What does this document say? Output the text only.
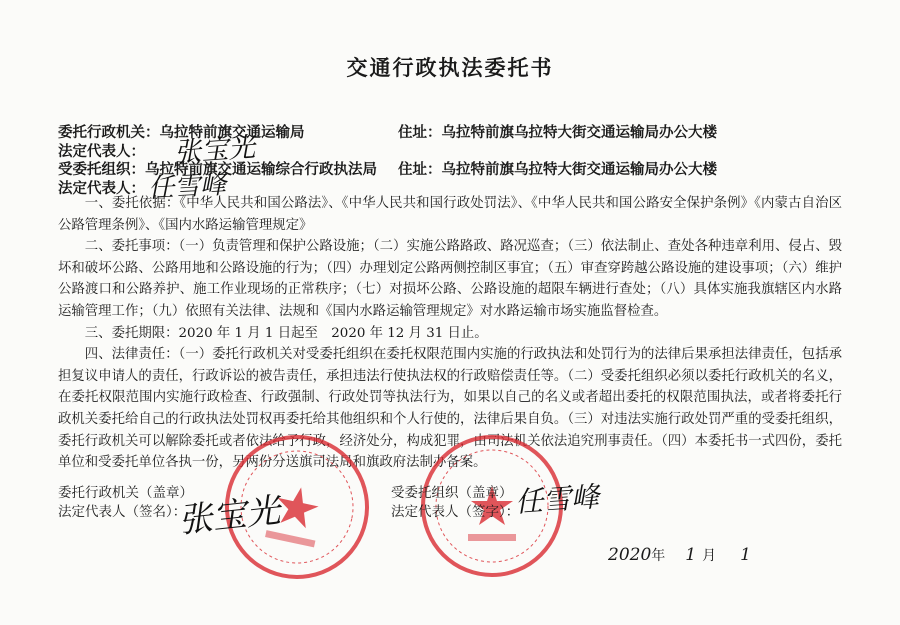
交通行政执法委托书
委托行政机关：乌拉特前旗交通运输局	住址：乌拉特前旗乌拉特大街交通运输局办公大楼
法定代表人： 张宝光
受委托组织：乌拉特前旗交通运输综合行政执法局 住址：乌拉特前旗乌拉特大街交通运输局办公大楼
法定代表人： 任雪峰

一、委托依据：《中华人民共和国公路法》、《中华人民共和国行政处罚法》、《中华人民共和国公路安全保护条例》《内蒙古自治区公路管理条例》、《国内水路运输管理规定》

二、委托事项：（一）负责管理和保护公路设施；（二）实施公路路政、路况巡查；（三）依法制止、查处各种违章利用、侵占、毁坏和破坏公路、公路用地和公路设施的行为；（四）办理划定公路两侧控制区事宜；（五）审查穿跨越公路设施的建设事项；（六）维护公路渡口和公路养护、施工作业现场的正常秩序；（七）对损坏公路、公路设施的超限车辆进行查处；（八）具体实施我旗辖区内水路运输管理工作；（九）依照有关法律、法规和《国内水路运输管理规定》对水路运输市场实施监督检查。

三、委托期限：2020 年 1 月 1 日起至　2020 年 12 月 31 日止。

四、法律责任：（一）委托行政机关对受委托组织在委托权限范围内实施的行政执法和处罚行为的法律后果承担法律责任，包括承担复议申请人的责任，行政诉讼的被告责任，承担违法行使执法权的行政赔偿责任等。（二）受委托组织必须以委托行政机关的名义，在委托权限范围内实施行政检查、行政强制、行政处罚等执法行为，如果以自己的名义或者超出委托的权限范围执法，或者将委托行政机关委托给自己的行政执法处罚权再委托给其他组织和个人行使的，法律后果自负。（三）对违法实施行政处罚严重的受委托组织，委托行政机关可以解除委托或者依法给予行政，经济处分，构成犯罪，由司法机关依法追究刑事责任。（四）本委托书一式四份，委托单位和受委托单位各执一份，另两份分送旗司法局和旗政府法制办备案。

委托行政机关（盖章）
法定代表人（签名）：
张宝光	受委托组织（盖章）
法定代表人（签字）：
任雪峰
2020年 1 月 1
